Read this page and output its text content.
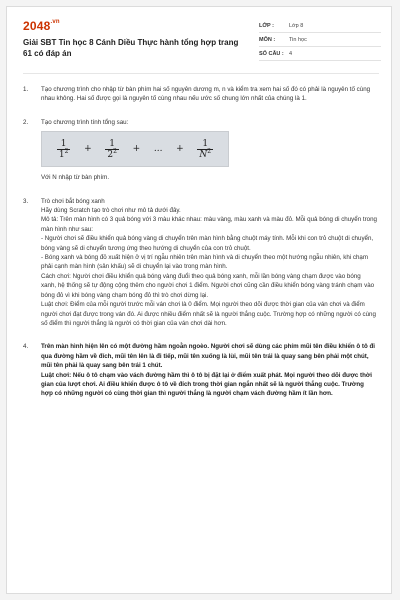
$2048^{.vn}$
Giải SBT Tin học 8 Cánh Diều Thực hành tổng hợp trang 61 có đáp án
LỚP :	Lớp 8
MÔN :	Tin học
SỐ CÂU : 4
1.	Tạo chương trình cho nhập từ bàn phím hai số nguyên dương m, n và kiểm tra xem hai số đó có phải là nguyên tố cùng nhau không. Hai số được gọi là nguyên tố cùng nhau nếu ước số chung lớn nhất của chúng là 1.

2.	Tạo chương trình tính tổng sau:

$\frac{1}{1^2} + \frac{1}{2^2}$ + ... + $\frac{1}{N^2}$

Với N nhập từ bàn phím.

3.	Trò chơi bắt bóng xanh

Hãy dùng Scratch tạo trò chơi như mô tả dưới đây.

Mô tả: Trên màn hình có 3 quả bóng với 3 màu khác nhau: màu vàng, màu xanh và màu đỏ. Mỗi quả bóng di chuyển trong màn hình như sau:

- Người chơi sẽ điều khiển quả bóng vàng di chuyển trên màn hình bằng chuột máy tính. Mỗi khi con trỏ chuột di chuyển, bóng vàng sẽ di chuyển tương ứng theo hướng di chuyển của con trỏ chuột.

- Bóng xanh và bóng đỏ xuất hiện ở vị trí ngẫu nhiên trên màn hình và di chuyển theo một hướng ngẫu nhiên, khi chạm phải cạnh màn hình (sân khấu) sẽ di chuyển lại vào trong màn hình.

Cách chơi: Người chơi điều khiển quả bóng vàng đuổi theo quả bóng xanh, mỗi lần bóng vàng chạm được vào bóng xanh, hệ thống sẽ tự động cộng thêm cho người chơi 1 điểm. Người chơi cũng cần điều khiển bóng vàng tránh chạm vào bóng đỏ vì khi bóng vàng chạm bóng đỏ thì trò chơi dừng lại.

Luật chơi: Điểm của mỗi người trước mỗi ván chơi là 0 điểm. Mọi người theo dõi được thời gian của ván chơi và điểm người chơi đạt được trong ván đó. Ai được nhiều điểm nhất sẽ là người thắng cuộc. Trường hợp có những người có cùng số điểm thì người thắng là người có thời gian của ván chơi dài hơn.

4.	Trên màn hình hiện lên có một đường hầm ngoằn ngoèo. Người chơi sẽ dùng các phím mũi tên điều khiển ô tô đi qua đường hầm về đích, mũi tên lên là đi tiếp, mũi tên xuống là lùi, mũi tên trái là quay sang bên phải một chút, mũi tên phải là quay sang bên trái 1 chút.

Luật chơi: Nếu ô tô chạm vào vách đường hầm thì ô tô bị đặt lại ở điểm xuất phát. Mọi người theo dõi được thời gian của lượt chơi. Ai điều khiển được ô tô về đích trong thời gian ngắn nhất sẽ là người thắng cuộc. Trường hợp có những người có cùng thời gian thì người thắng là người chạm vách đường hầm ít lần hơn.
